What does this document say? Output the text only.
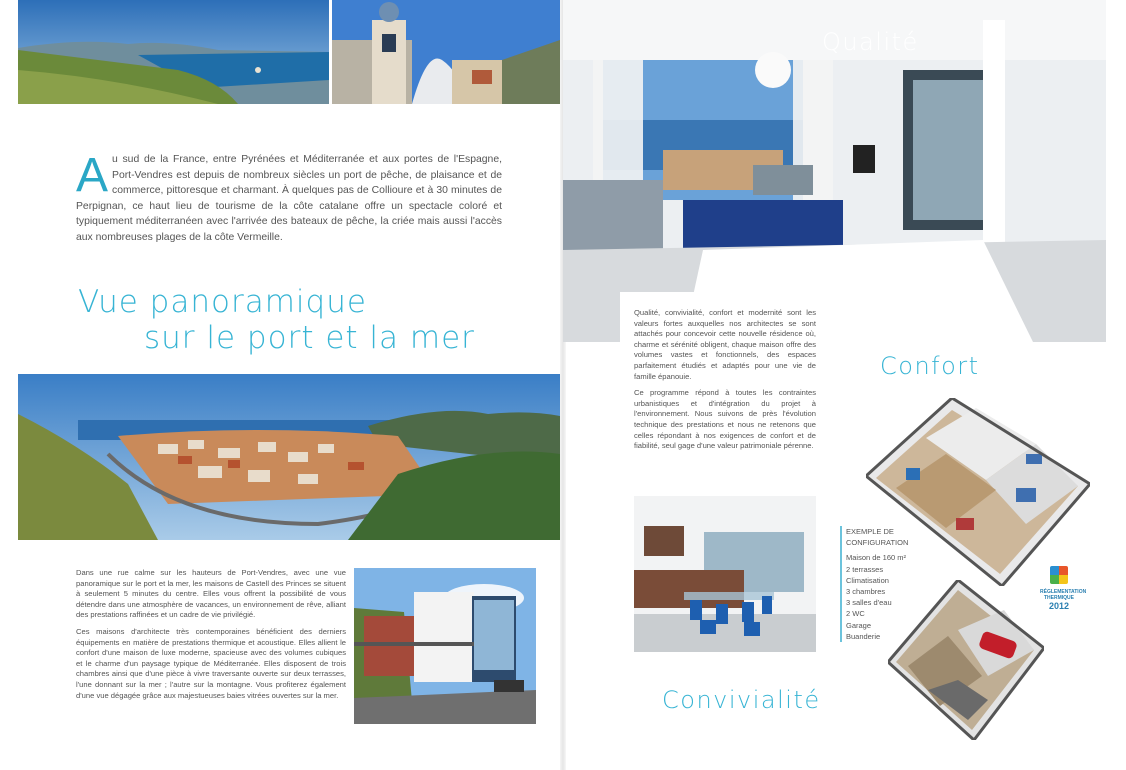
A u sud de la France, entre Pyrénées et Méditerranée et aux portes de l'Espagne, Port-Vendres est depuis de nombreux siècles un port de pêche, de plaisance et de commerce, pittoresque et charmant. À quelques pas de Collioure et à 30 minutes de Perpignan, ce haut lieu de tourisme de la côte catalane offre un spectacle coloré et typiquement méditerranéen avec l'arrivée des bateaux de pêche, la criée mais aussi l'accès aux nombreuses plages de la côte Vermeille.
Vue panoramique
sur le port et la mer
Dans une rue calme sur les hauteurs de Port-Vendres, avec une vue panoramique sur le port et la mer, les maisons de Castell des Princes se situent à seulement 5 minutes du centre. Elles vous offrent la possibilité de vous détendre dans une atmosphère de vacances, un environnement de rêve, alliant des prestations raffinées et un cadre de vie privilégié.
Ces maisons d'architecte très contemporaines bénéficient des derniers équipements en matière de prestations thermique et acoustique. Elles allient le confort d'une maison de luxe moderne, spacieuse avec des volumes cubiques et le charme d'un paysage typique de Méditerranée. Elles disposent de trois chambres ainsi que d'une pièce à vivre traversante ouverte sur deux terrasses, l'une donnant sur la mer ; l'autre sur la montagne. Vous profiterez également d'une vue dégagée grâce aux majestueuses baies vitrées ouvertes sur la mer.
Qualité
Qualité, convivialité, confort et modernité sont les valeurs fortes auxquelles nos architectes se sont attachés pour concevoir cette nouvelle résidence où, charme et sérénité obligent, chaque maison offre des volumes vastes et fonctionnels, des espaces parfaitement étudiés et adaptés pour une vie de famille épanouie.
Ce programme répond à toutes les contraintes urbanistiques et d'intégration du projet à l'environnement. Nous suivons de près l'évolution technique des prestations et nous ne retenons que celles répondant à nos exigences de confort et de fiabilité, seul gage d'une valeur patrimoniale pérenne.
Confort
Convivialité
EXEMPLE DE
CONFIGURATION
Maison de 160 m²
2 terrasses
Climatisation
3 chambres
3 salles d'eau
2 WC
Garage
Buanderie
RÉGLEMENTATION
THERMIQUE
2012
